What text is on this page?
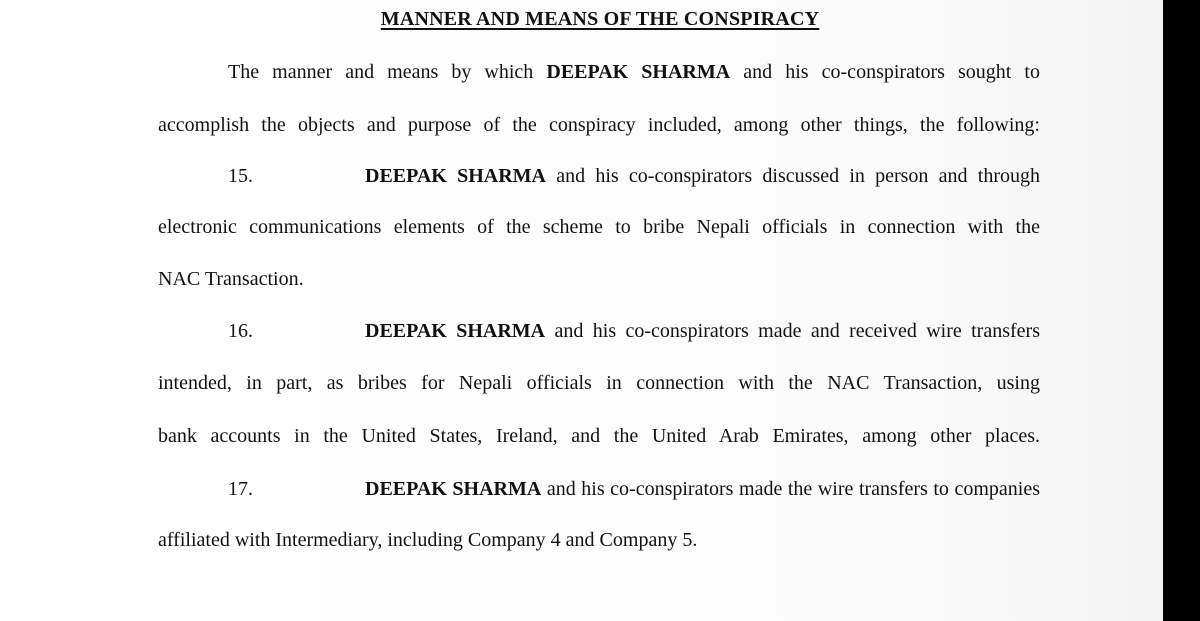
MANNER AND MEANS OF THE CONSPIRACY

The manner and means by which DEEPAK SHARMA and his co-conspirators sought to

accomplish the objects and purpose of the conspiracy included, among other things, the following:

15.	DEEPAK SHARMA and his co-conspirators discussed in person and through

electronic communications elements of the scheme to bribe Nepali officials in connection with the

NAC Transaction.

16.	DEEPAK SHARMA and his co-conspirators made and received wire transfers

intended, in part, as bribes for Nepali officials in connection with the NAC Transaction, using

bank accounts in the United States, Ireland, and the United Arab Emirates, among other places.

17.	DEEPAK SHARMA and his co-conspirators made the wire transfers to companies

affiliated with Intermediary, including Company 4 and Company 5.
